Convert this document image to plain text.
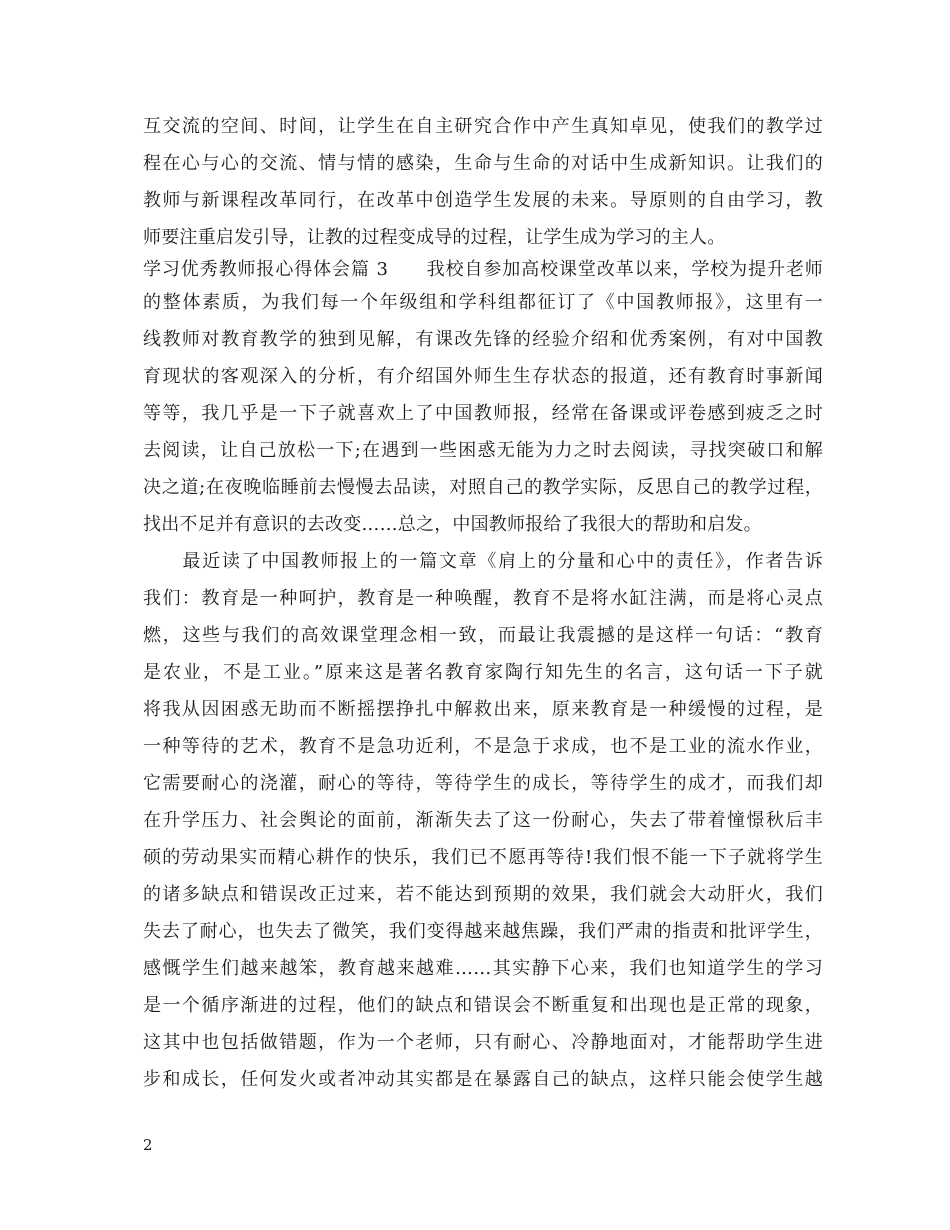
互交流的空间、时间，让学生在自主研究合作中产生真知卓见，使我们的教学过
程在心与心的交流、情与情的感染，生命与生命的对话中生成新知识。让我们的
教师与新课程改革同行，在改革中创造学生发展的未来。导原则的自由学习，教
师要注重启发引导，让教的过程变成导的过程，让学生成为学习的主人。
学习优秀教师报心得体会篇 3　　我校自参加高校课堂改革以来，学校为提升老师
的整体素质，为我们每一个年级组和学科组都征订了《中国教师报》，这里有一
线教师对教育教学的独到见解，有课改先锋的经验介绍和优秀案例，有对中国教
育现状的客观深入的分析，有介绍国外师生生存状态的报道，还有教育时事新闻
等等，我几乎是一下子就喜欢上了中国教师报，经常在备课或评卷感到疲乏之时
去阅读，让自己放松一下;在遇到一些困惑无能为力之时去阅读，寻找突破口和解
决之道;在夜晚临睡前去慢慢去品读，对照自己的教学实际，反思自己的教学过程，
找出不足并有意识的去改变……总之，中国教师报给了我很大的帮助和启发。
　　最近读了中国教师报上的一篇文章《肩上的分量和心中的责任》，作者告诉
我们：教育是一种呵护，教育是一种唤醒，教育不是将水缸注满，而是将心灵点
燃，这些与我们的高效课堂理念相一致，而最让我震撼的是这样一句话：“教育
是农业，不是工业。”原来这是著名教育家陶行知先生的名言，这句话一下子就
将我从因困惑无助而不断摇摆挣扎中解救出来，原来教育是一种缓慢的过程，是
一种等待的艺术，教育不是急功近利，不是急于求成，也不是工业的流水作业，
它需要耐心的浇灌，耐心的等待，等待学生的成长，等待学生的成才，而我们却
在升学压力、社会舆论的面前，渐渐失去了这一份耐心，失去了带着憧憬秋后丰
硕的劳动果实而精心耕作的快乐，我们已不愿再等待!我们恨不能一下子就将学生
的诸多缺点和错误改正过来，若不能达到预期的效果，我们就会大动肝火，我们
失去了耐心，也失去了微笑，我们变得越来越焦躁，我们严肃的指责和批评学生，
感慨学生们越来越笨，教育越来越难……其实静下心来，我们也知道学生的学习
是一个循序渐进的过程，他们的缺点和错误会不断重复和出现也是正常的现象，
这其中也包括做错题，作为一个老师，只有耐心、冷静地面对，才能帮助学生进
步和成长，任何发火或者冲动其实都是在暴露自己的缺点，这样只能会使学生越
2
